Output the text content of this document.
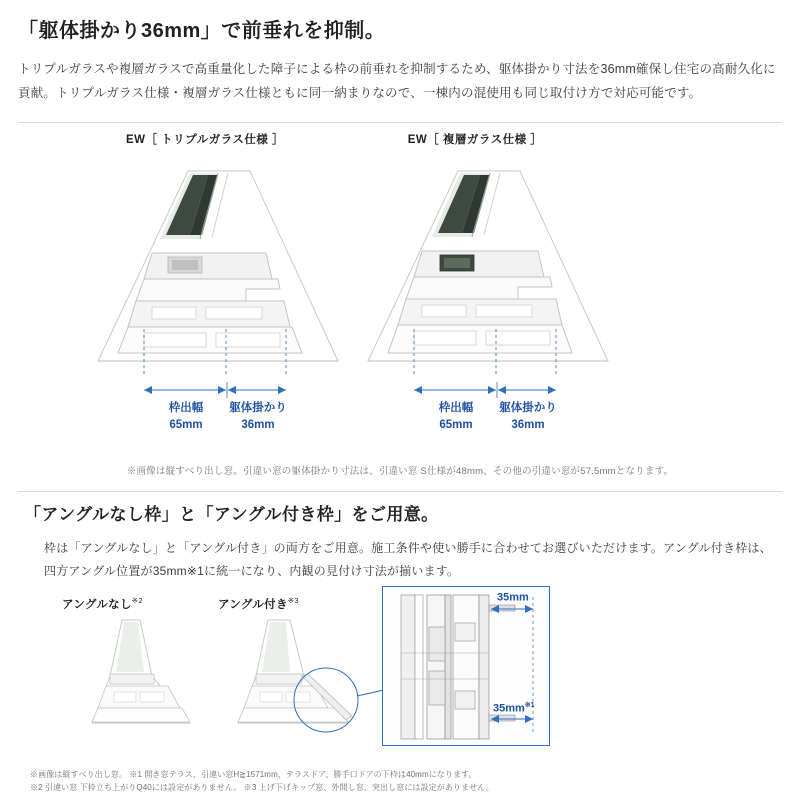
「躯体掛かり36mm」で前垂れを抑制。

トリプルガラスや複層ガラスで高重量化した障子による枠の前垂れを抑制するため、躯体掛かり寸法を36mm確保し住宅の高耐久化に貢献。トリプルガラス仕様・複層ガラス仕様ともに同一納まりなので、一棟内の混使用も同じ取付け方で対応可能です。

EW［ トリプルガラス仕様 ］
枠出幅
65mm
躯体掛かり
36mm
EW［ 複層ガラス仕様 ］
枠出幅
65mm
躯体掛かり
36mm
※画像は縦すべり出し窓。引違い窓の躯体掛かり寸法は、引違い窓 S仕様が48mm、その他の引違い窓が57.5mmとなります。
「アングルなし枠」と「アングル付き枠」をご用意。

枠は「アングルなし」と「アングル付き」の両方をご用意。施工条件や使い勝手に合わせてお選びいただけます。アングル付き枠は、四方アングル位置が35mm※1に統一になり、内観の見付け寸法が揃います。

アングルなし$^{※2}$	アングル付き$^{※3}$	35mm
$35mm^{※1}$
※画像は縦すべり出し窓。 ※1 開き窓テラス、引違い窓H≧1571mm、テラスドア、勝手口ドアの下枠は40mmになります。
※2 引違い窓 下枠立ち上がりQ40には設定がありません。 ※3 上げ下げキップ窓、外開し窓、突出し窓には設定がありません。
